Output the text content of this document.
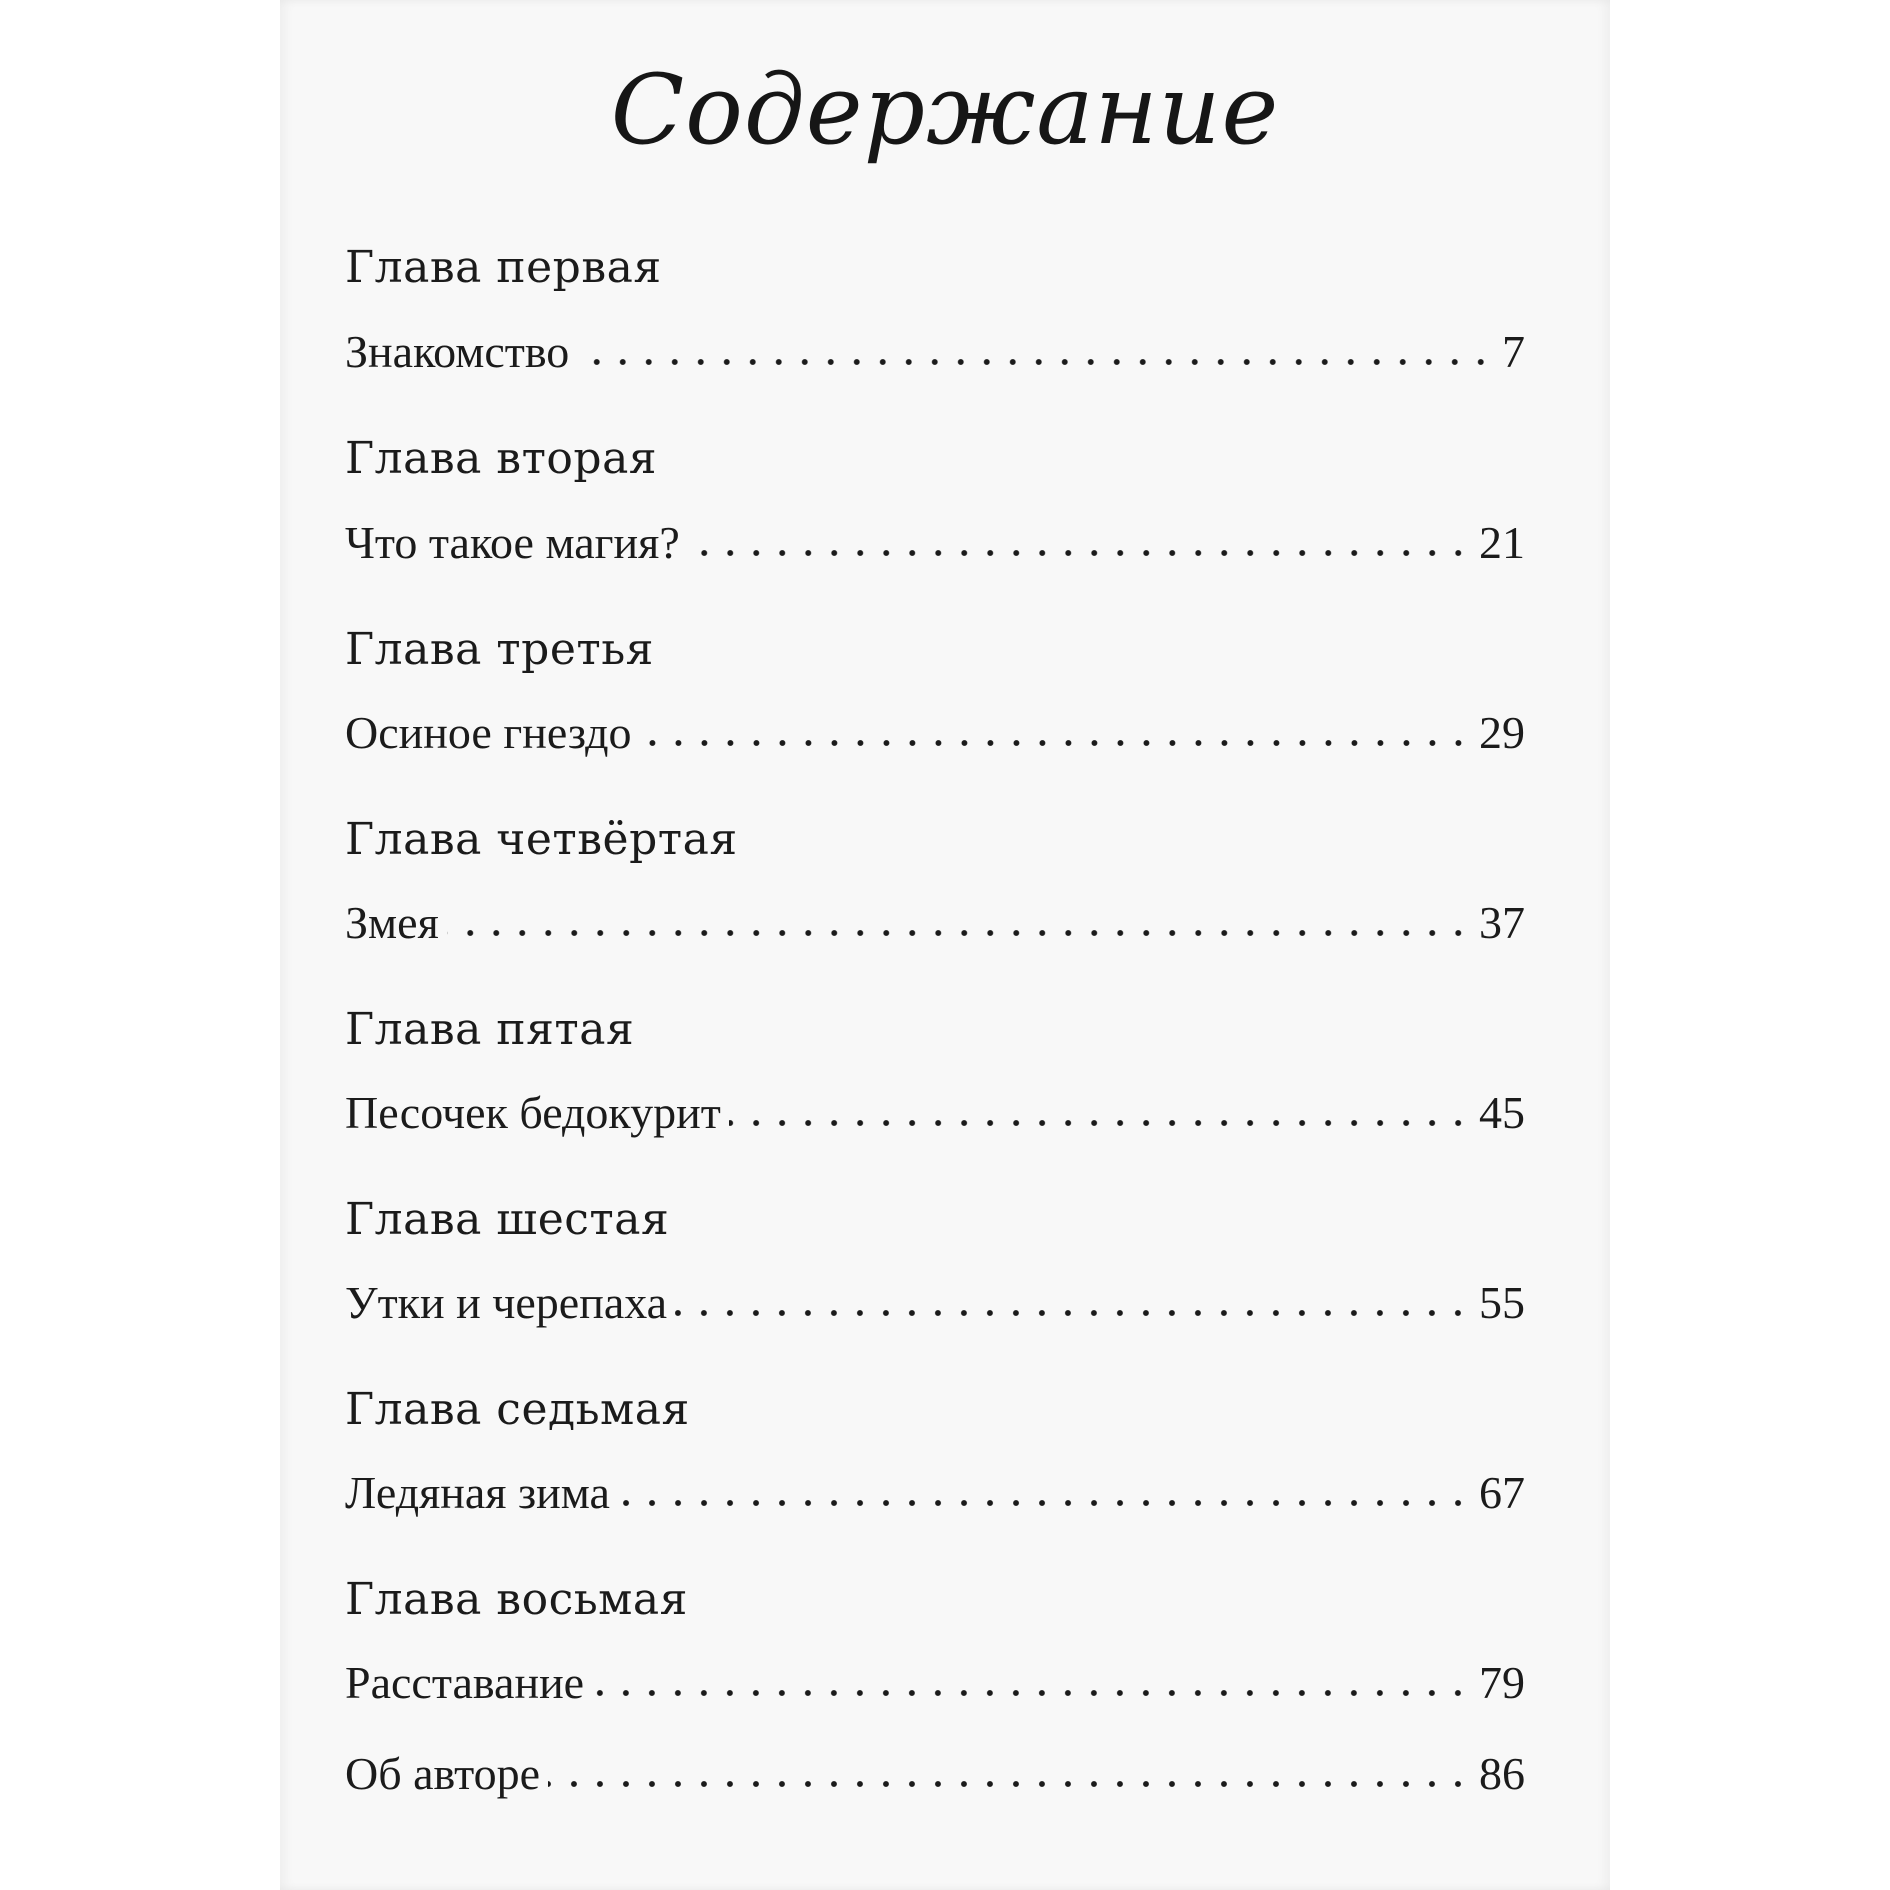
Содержание
Глава первая
Знакомство	7
Глава вторая
Что такое магия?	21
Глава третья
Осиное гнездо	29
Глава четвёртая
Змея	37
Глава пятая
Песочек бедокурит	45
Глава шестая
Утки и черепаха	55
Глава седьмая
Ледяная зима	67
Глава восьмая
Расставание	79
Об авторе	86
